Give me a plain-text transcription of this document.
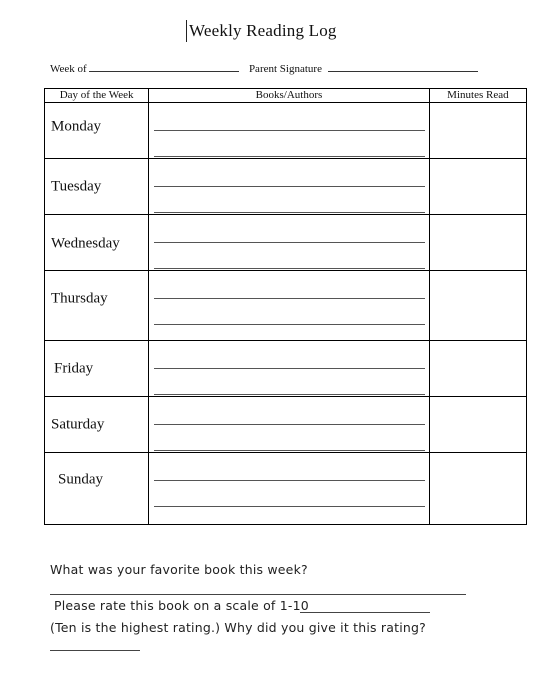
Weekly Reading Log
Week of	Parent Signature
Day of the Week	Books/Authors	Minutes Read

Monday		

Tuesday		

Wednesday		

Thursday		

Friday		

Saturday		

Sunday		

What was your favorite book this week?
Please rate this book on a scale of 1-10
(Ten is the highest rating.) Why did you give it this rating?
